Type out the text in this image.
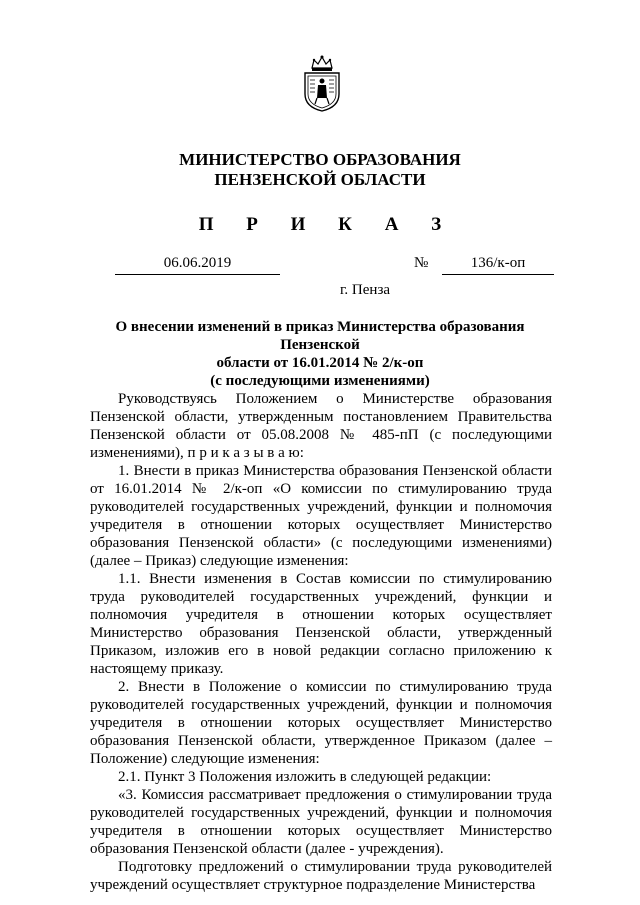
МИНИСТЕРСТВО ОБРАЗОВАНИЯ
ПЕНЗЕНСКОЙ ОБЛАСТИ
П Р И К А З
06.06.2019	№	136/к-оп
г. Пенза
О внесении изменений в приказ Министерства образования Пензенской
области от 16.01.2014 № 2/к-оп
(с последующими изменениями)

Руководствуясь Положением о Министерстве образования Пензенской области, утвержденным постановлением Правительства Пензенской области от 05.08.2008 № 485-пП (с последующими изменениями), п р и к а з ы в а ю:

1. Внести в приказ Министерства образования Пензенской области от 16.01.2014 № 2/к-оп «О комиссии по стимулированию труда руководителей государственных учреждений, функции и полномочия учредителя в отношении которых осуществляет Министерство образования Пензенской области» (с последующими изменениями) (далее – Приказ) следующие изменения:

1.1. Внести изменения в Состав комиссии по стимулированию труда руководителей государственных учреждений, функции и полномочия учредителя в отношении которых осуществляет Министерство образования Пензенской области, утвержденный Приказом, изложив его в новой редакции согласно приложению к настоящему приказу.

2. Внести в Положение о комиссии по стимулированию труда руководителей государственных учреждений, функции и полномочия учредителя в отношении которых осуществляет Министерство образования Пензенской области, утвержденное Приказом (далее – Положение) следующие изменения:

2.1. Пункт 3 Положения изложить в следующей редакции:

«3. Комиссия рассматривает предложения о стимулировании труда руководителей государственных учреждений, функции и полномочия учредителя в отношении которых осуществляет Министерство образования Пензенской области (далее - учреждения).

Подготовку предложений о стимулировании труда руководителей учреждений осуществляет структурное подразделение Министерства
